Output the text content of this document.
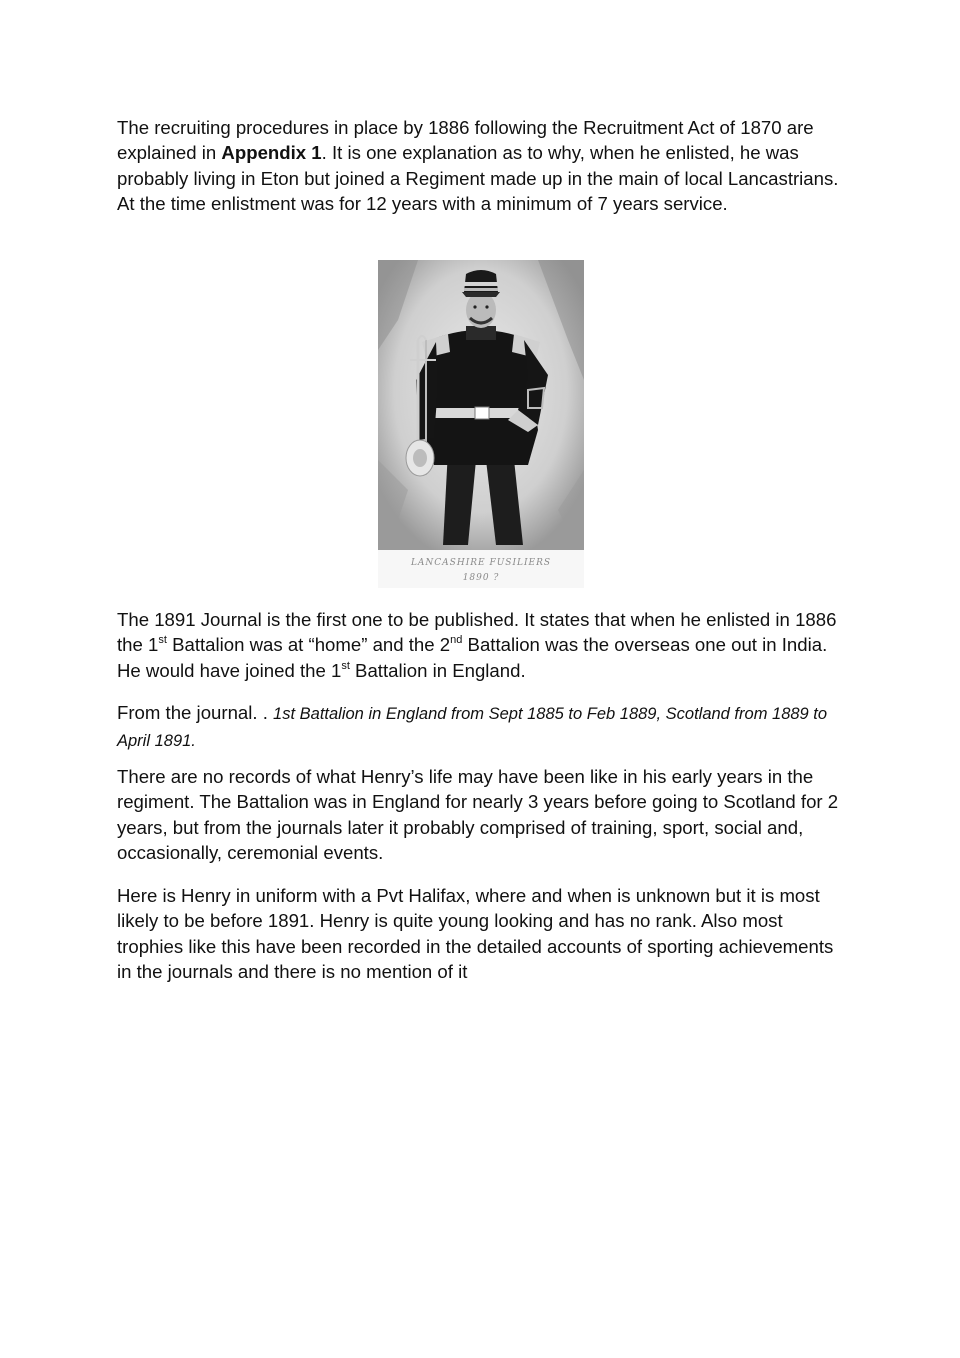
The recruiting procedures in place by 1886 following the Recruitment Act of 1870 are explained in Appendix 1. It is one explanation as to why, when he enlisted, he was probably living in Eton but joined a Regiment made up in the main of local Lancastrians. At the time enlistment was for 12 years with a minimum of 7 years service.

LANCASHIRE FUSILIERS
1890 ?

The 1891 Journal is the first one to be published. It states that when he enlisted in 1886 the 1st Battalion was at “home” and the 2nd Battalion was the overseas one out in India. He would have joined the 1st Battalion in England.

From the journal. . 1st Battalion in England from Sept 1885 to Feb 1889, Scotland from 1889 to April 1891.

There are no records of what Henry’s life may have been like in his early years in the regiment. The Battalion was in England for nearly 3 years before going to Scotland for 2 years, but from the journals later it probably comprised of training, sport, social and, occasionally, ceremonial events.

Here is Henry in uniform with a Pvt Halifax, where and when is unknown but it is most likely to be before 1891. Henry is quite young looking and has no rank. Also most trophies like this have been recorded in the detailed accounts of sporting achievements in the journals and there is no mention of it
